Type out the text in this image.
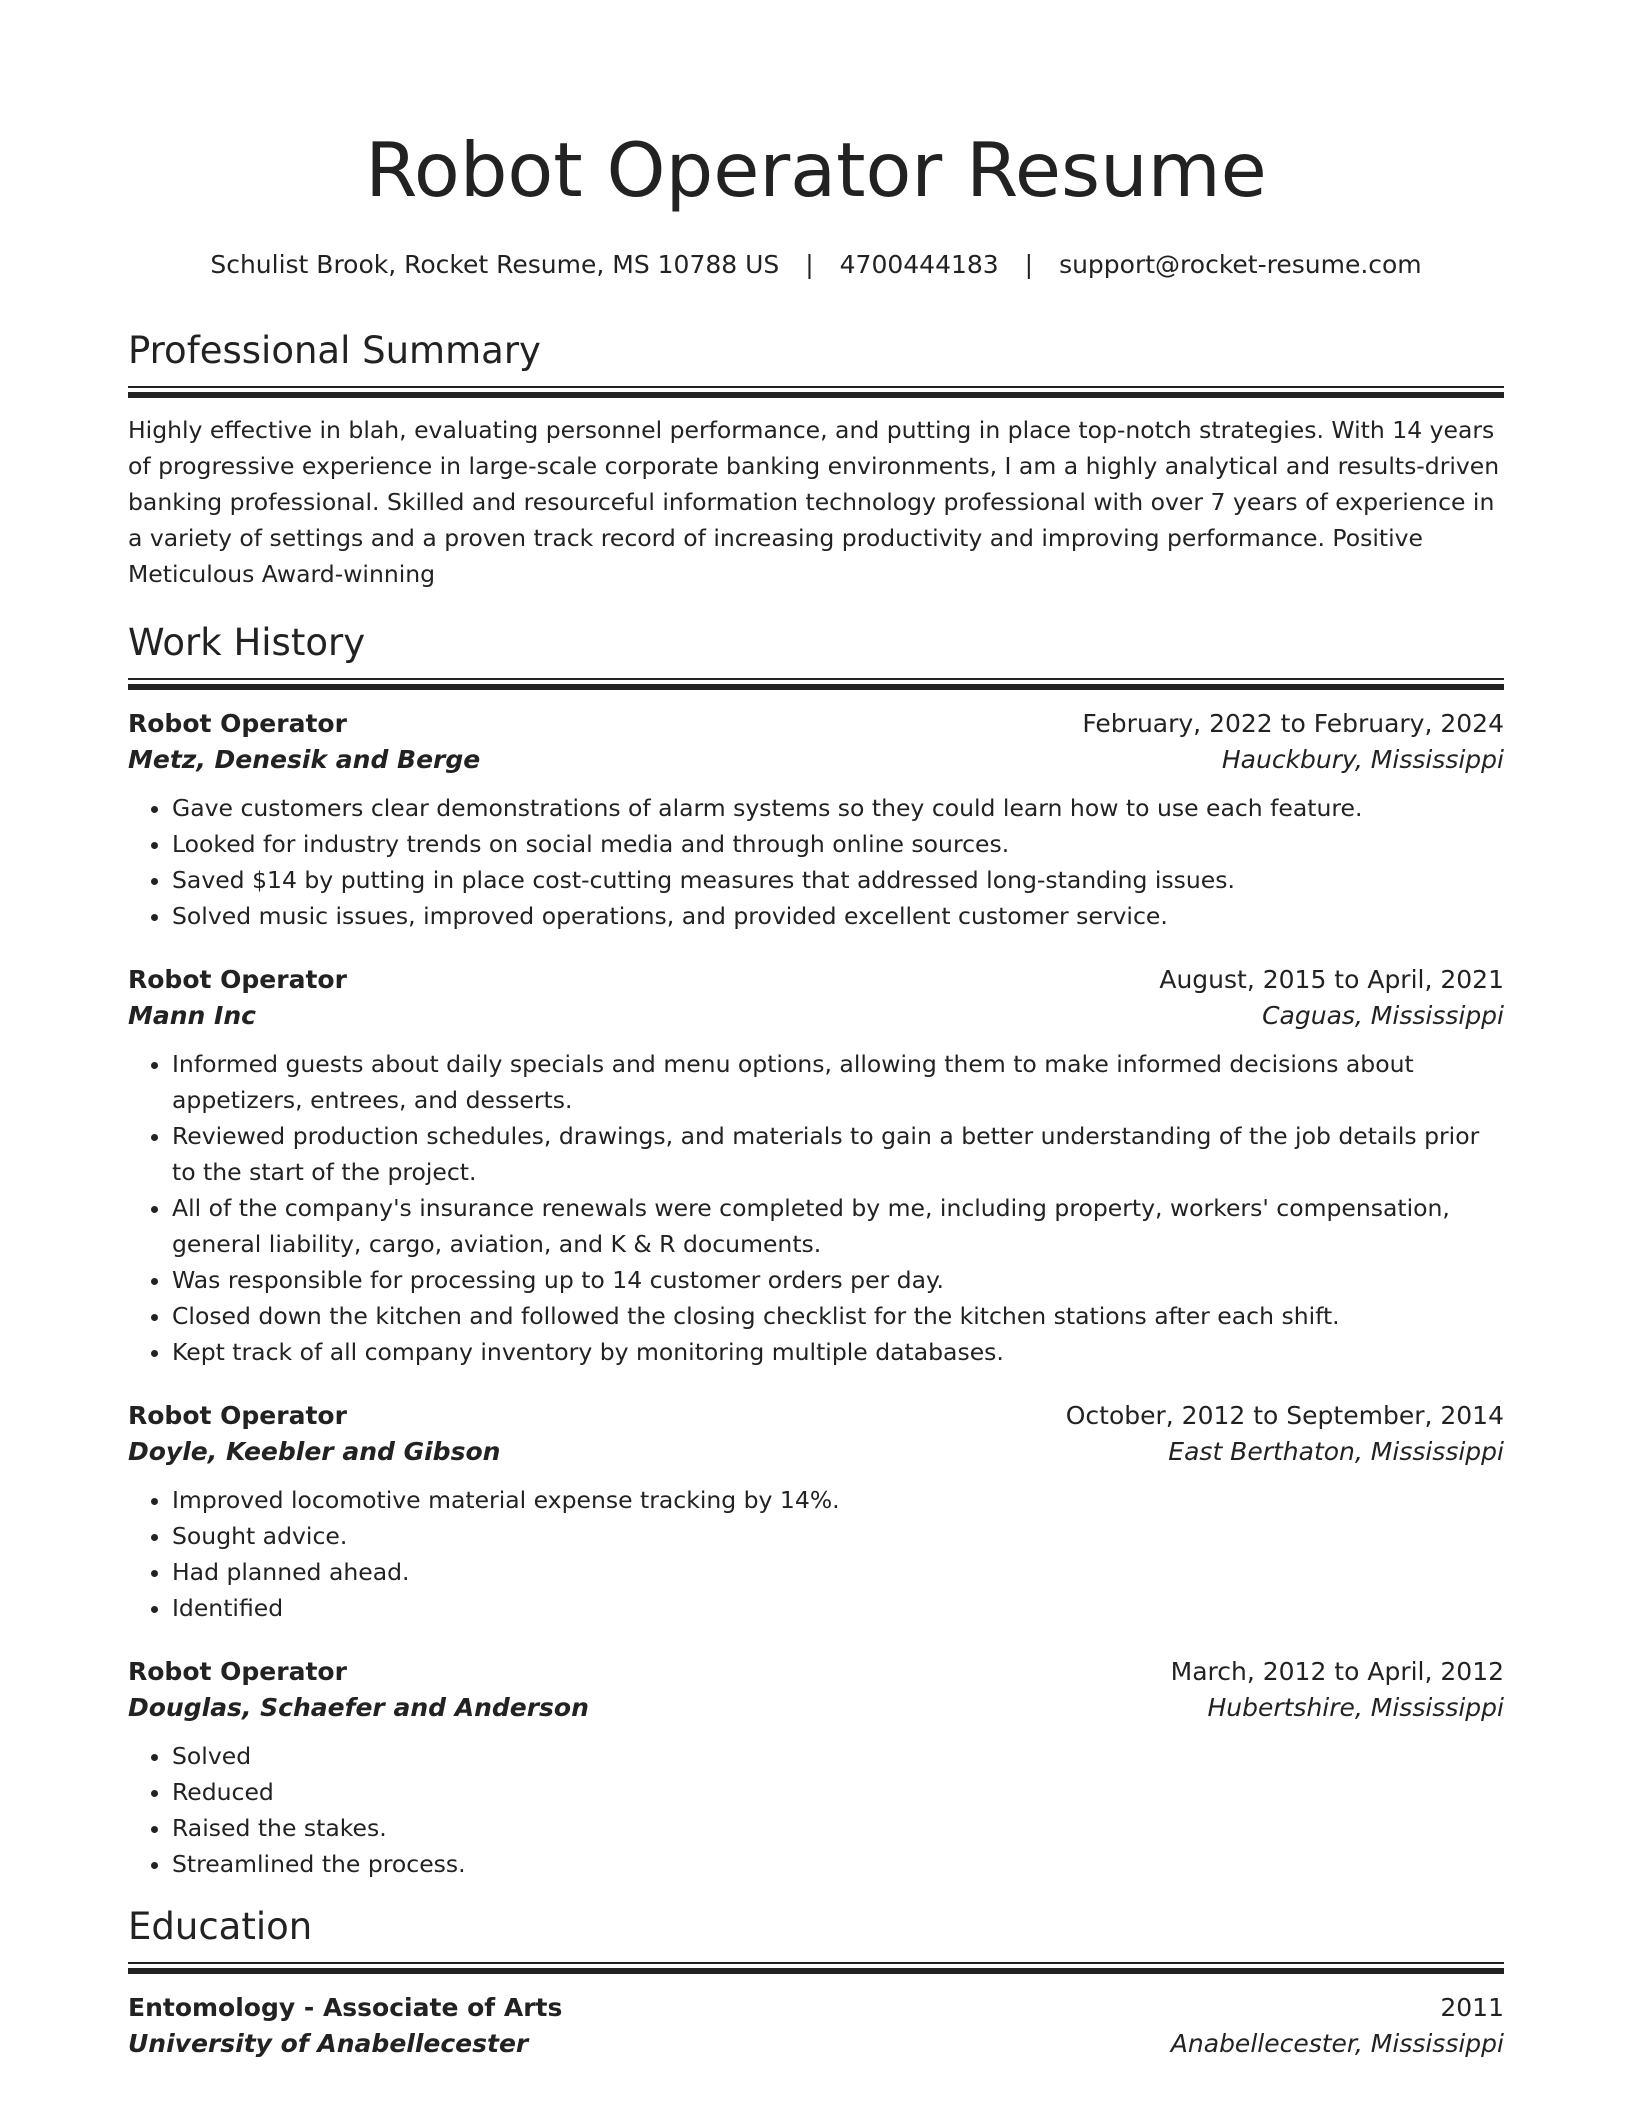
Robot Operator Resume
Schulist Brook, Rocket Resume, MS 10788 US | 4700444183 | support@rocket-resume.com
Professional Summary
Highly effective in blah, evaluating personnel performance, and putting in place top-notch strategies. With 14 years of progressive experience in large-scale corporate banking environments, I am a highly analytical and results-driven banking professional. Skilled and resourceful information technology professional with over 7 years of experience in a variety of settings and a proven track record of increasing productivity and improving performance. Positive Meticulous Award-winning
Work History
Robot Operator	February, 2022 to February, 2024
Metz, Denesik and Berge	Hauckbury, Mississippi
• Gave customers clear demonstrations of alarm systems so they could learn how to use each feature.
• Looked for industry trends on social media and through online sources.
• Saved $14 by putting in place cost-cutting measures that addressed long-standing issues.
• Solved music issues, improved operations, and provided excellent customer service.
Robot Operator	August, 2015 to April, 2021
Mann Inc	Caguas, Mississippi
• Informed guests about daily specials and menu options, allowing them to make informed decisions about appetizers, entrees, and desserts.
• Reviewed production schedules, drawings, and materials to gain a better understanding of the job details prior to the start of the project.
• All of the company's insurance renewals were completed by me, including property, workers' compensation, general liability, cargo, aviation, and K & R documents.
• Was responsible for processing up to 14 customer orders per day.
• Closed down the kitchen and followed the closing checklist for the kitchen stations after each shift.
• Kept track of all company inventory by monitoring multiple databases.
Robot Operator	October, 2012 to September, 2014
Doyle, Keebler and Gibson	East Berthaton, Mississippi
• Improved locomotive material expense tracking by 14%.
• Sought advice.
• Had planned ahead.
• Identified
Robot Operator	March, 2012 to April, 2012
Douglas, Schaefer and Anderson	Hubertshire, Mississippi
• Solved
• Reduced
• Raised the stakes.
• Streamlined the process.
Education
Entomology - Associate of Arts	2011
University of Anabellecester	Anabellecester, Mississippi
